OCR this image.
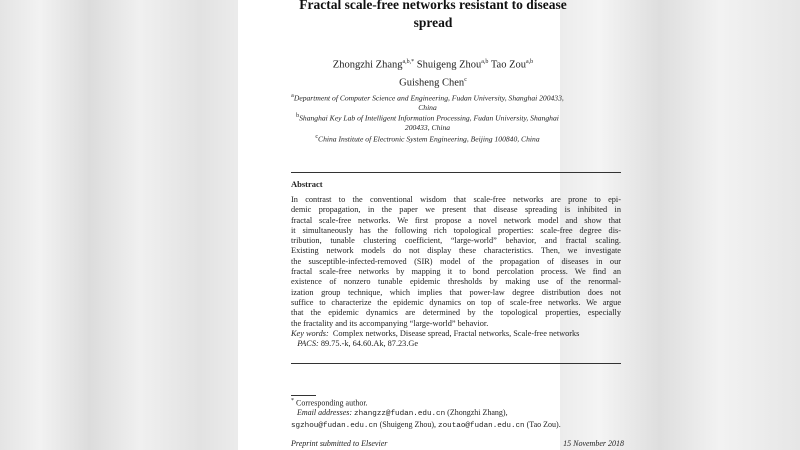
Fractal scale-free networks resistant to disease spread
Zhongzhi Zhang$^{a,b,*}$ Shuigeng Zhou$^{a,b}$ Tao Zou$^{a,b}$
Guisheng Chen$^c$
$^a$Department of Computer Science and Engineering, Fudan University, Shanghai 200433, China
$^b$Shanghai Key Lab of Intelligent Information Processing, Fudan University, Shanghai 200433, China
$^c$China Institute of Electronic System Engineering, Beijing 100840, China
Abstract
In contrast to the conventional wisdom that scale-free networks are prone to epi-
demic propagation, in the paper we present that disease spreading is inhibited in
fractal scale-free networks. We first propose a novel network model and show that
it simultaneously has the following rich topological properties: scale-free degree dis-
tribution, tunable clustering coefficient, “large-world” behavior, and fractal scaling.
Existing network models do not display these characteristics. Then, we investigate
the susceptible-infected-removed (SIR) model of the propagation of diseases in our
fractal scale-free networks by mapping it to bond percolation process. We find an
existence of nonzero tunable epidemic thresholds by making use of the renormal-
ization group technique, which implies that power-law degree distribution does not
suffice to characterize the epidemic dynamics on top of scale-free networks. We argue
that the epidemic dynamics are determined by the topological properties, especially
the fractality and its accompanying “large-world” behavior.
Key words: Complex networks, Disease spread, Fractal networks, Scale-free networks
PACS: 89.75.-k, 64.60.Ak, 87.23.Ge
* Corresponding author.
Email addresses: zhangzz@fudan.edu.cn (Zhongzhi Zhang),
sgzhou@fudan.edu.cn (Shuigeng Zhou), zoutao@fudan.edu.cn (Tao Zou).
Preprint submitted to Elsevier	15 November 2018
